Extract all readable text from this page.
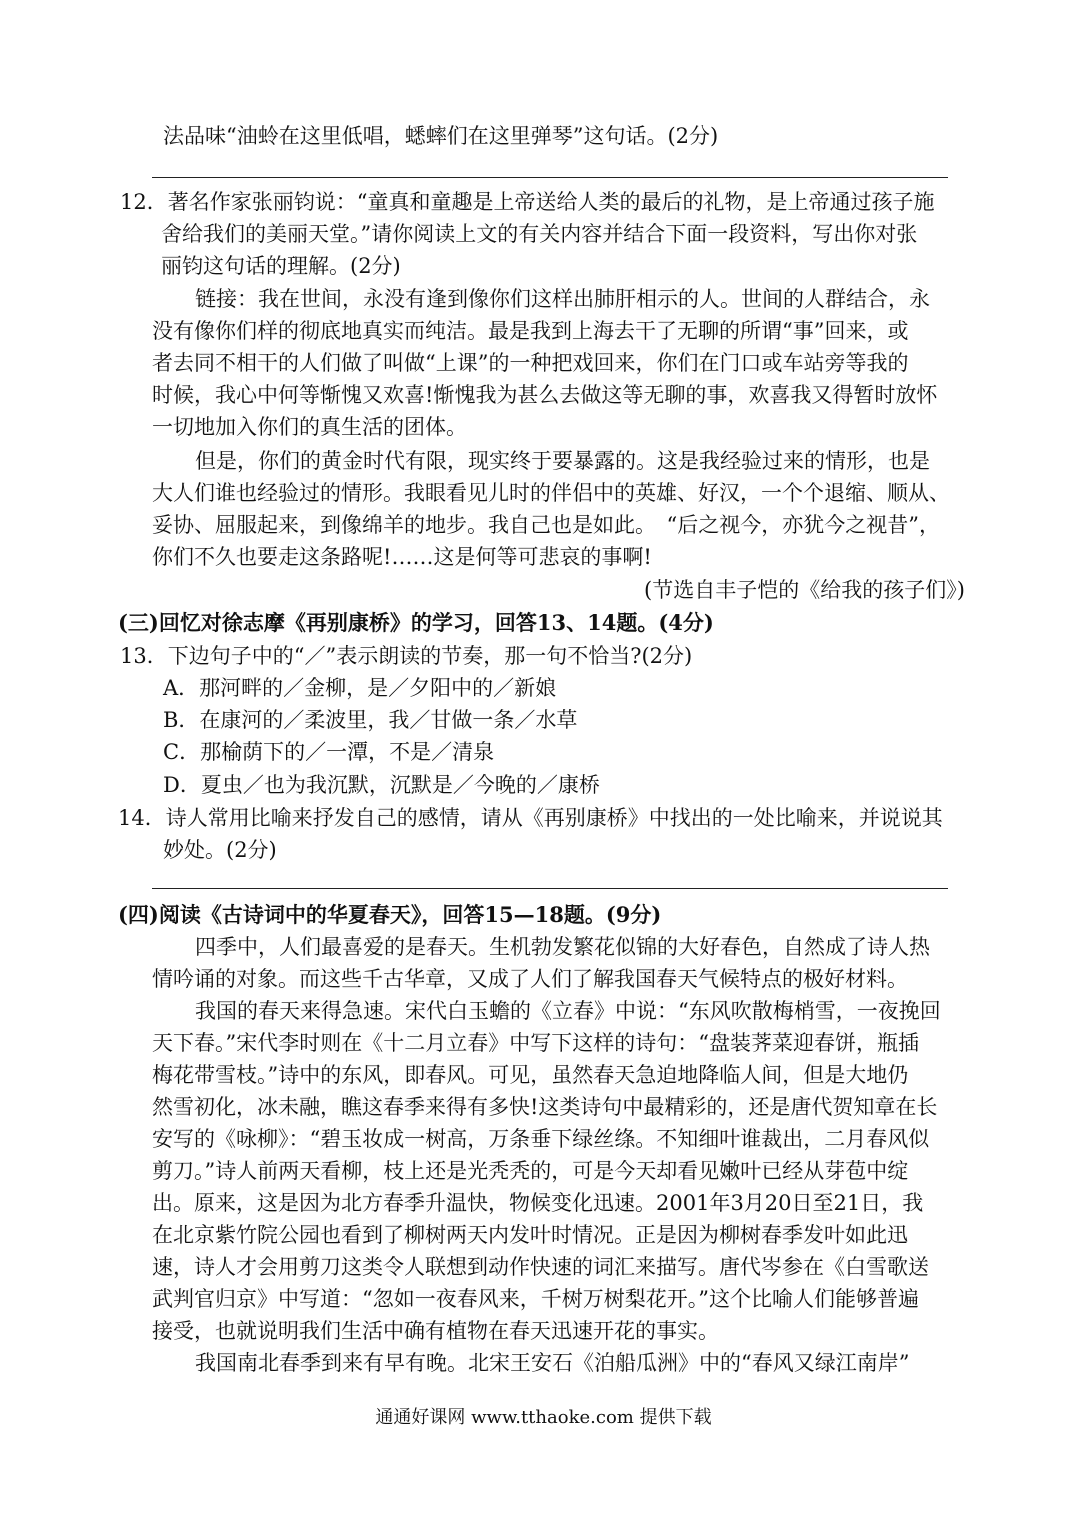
法品味“油蛉在这里低唱，蟋蟀们在这里弹琴”这句话。(2分)
12．著名作家张丽钧说：“童真和童趣是上帝送给人类的最后的礼物，是上帝通过孩子施
舍给我们的美丽天堂。”请你阅读上文的有关内容并结合下面一段资料，写出你对张
丽钧这句话的理解。(2分)
链接：我在世间，永没有逢到像你们这样出肺肝相示的人。世间的人群结合，永
没有像你们样的彻底地真实而纯洁。最是我到上海去干了无聊的所谓“事”回来，或
者去同不相干的人们做了叫做“上课”的一种把戏回来，你们在门口或车站旁等我的
时候，我心中何等惭愧又欢喜!惭愧我为甚么去做这等无聊的事，欢喜我又得暂时放怀
一切地加入你们的真生活的团体。
但是，你们的黄金时代有限，现实终于要暴露的。这是我经验过来的情形，也是
大人们谁也经验过的情形。我眼看见儿时的伴侣中的英雄、好汉，一个个退缩、顺从、
妥协、屈服起来，到像绵羊的地步。我自己也是如此。　“后之视今，亦犹今之视昔”，
你们不久也要走这条路呢!……这是何等可悲哀的事啊!
(节选自丰子恺的《给我的孩子们》)
(三)回忆对徐志摩《再别康桥》的学习，回答13、14题。(4分)
13．下边句子中的“／”表示朗读的节奏，那一句不恰当?(2分)
A．那河畔的／金柳，是／夕阳中的／新娘
B．在康河的／柔波里，我／甘做一条／水草
C．那榆荫下的／一潭，不是／清泉
D．夏虫／也为我沉默，沉默是／今晚的／康桥
14．诗人常用比喻来抒发自己的感情，请从《再别康桥》中找出的一处比喻来，并说说其
妙处。(2分)
(四)阅读《古诗词中的华夏春天》，回答15—18题。(9分)
四季中，人们最喜爱的是春天。生机勃发繁花似锦的大好春色，自然成了诗人热
情吟诵的对象。而这些千古华章，又成了人们了解我国春天气候特点的极好材料。
我国的春天来得急速。宋代白玉蟾的《立春》中说：“东风吹散梅梢雪，一夜挽回
天下春。”宋代李时则在《十二月立春》中写下这样的诗句：“盘装荠菜迎春饼，瓶插
梅花带雪枝。”诗中的东风，即春风。可见，虽然春天急迫地降临人间，但是大地仍
然雪初化，冰未融，瞧这春季来得有多快!这类诗句中最精彩的，还是唐代贺知章在长
安写的《咏柳》：“碧玉妆成一树高，万条垂下绿丝绦。不知细叶谁裁出，二月春风似
剪刀。”诗人前两天看柳，枝上还是光秃秃的，可是今天却看见嫩叶已经从芽苞中绽
出。原来，这是因为北方春季升温快，物候变化迅速。2001年3月20日至21日，我
在北京紫竹院公园也看到了柳树两天内发叶时情况。正是因为柳树春季发叶如此迅
速，诗人才会用剪刀这类令人联想到动作快速的词汇来描写。唐代岑参在《白雪歌送
武判官归京》中写道：“忽如一夜春风来，千树万树梨花开。”这个比喻人们能够普遍
接受，也就说明我们生活中确有植物在春天迅速开花的事实。
我国南北春季到来有早有晚。北宋王安石《泊船瓜洲》中的“春风又绿江南岸”
通通好课网 www.tthaoke.com 提供下载
